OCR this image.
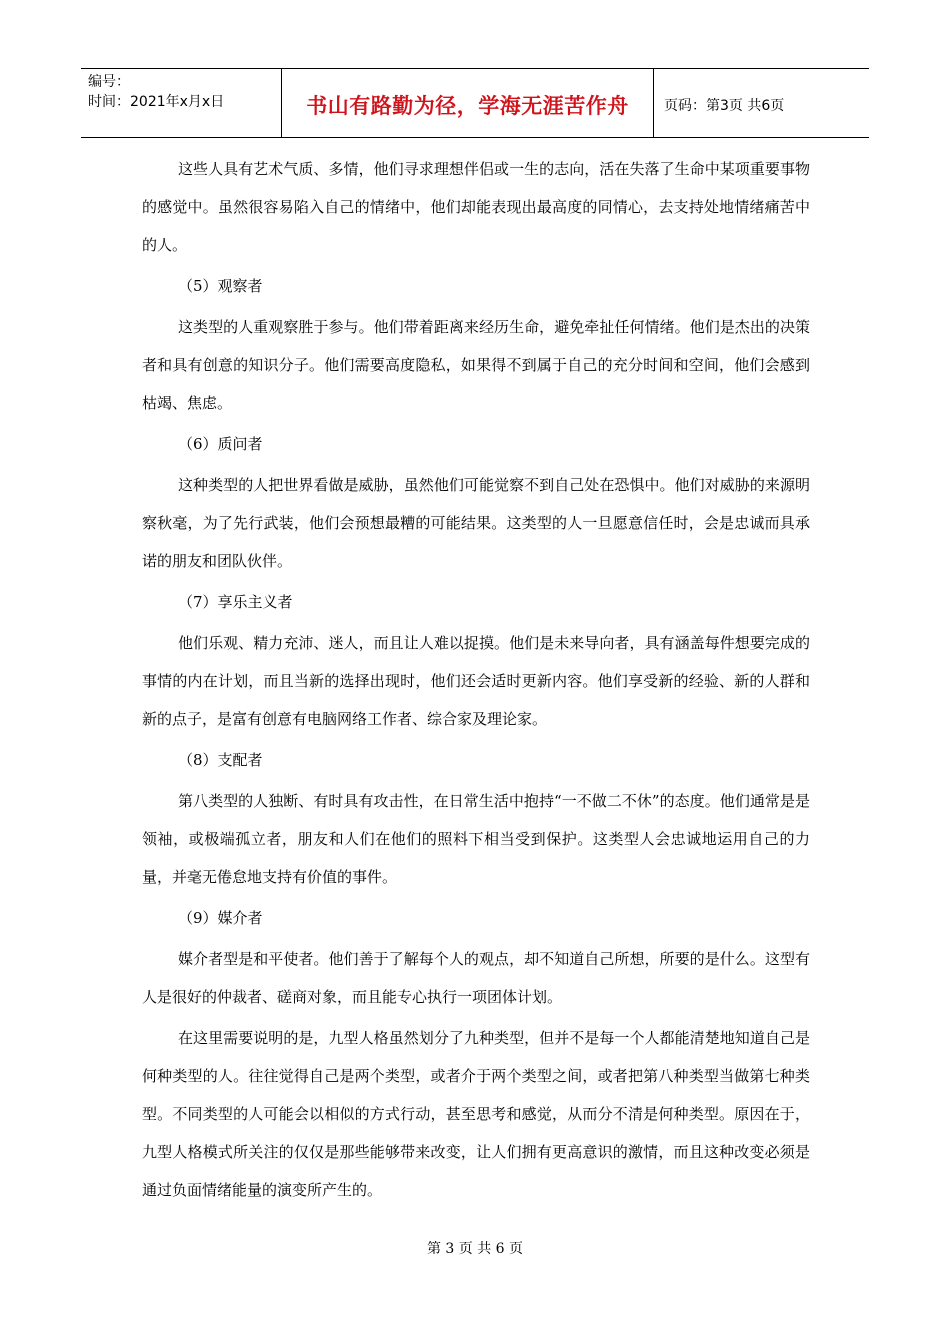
编号：
时间：2021年x月x日	书山有路勤为径，学海无涯苦作舟	页码：第3页 共6页

这些人具有艺术气质、多情，他们寻求理想伴侣或一生的志向，活在失落了生命中某项重要事物的感觉中。虽然很容易陷入自己的情绪中，他们却能表现出最高度的同情心，去支持处地情绪痛苦中的人。

（5）观察者

这类型的人重观察胜于参与。他们带着距离来经历生命，避免牵扯任何情绪。他们是杰出的决策者和具有创意的知识分子。他们需要高度隐私，如果得不到属于自己的充分时间和空间，他们会感到枯竭、焦虑。

（6）质问者

这种类型的人把世界看做是威胁，虽然他们可能觉察不到自己处在恐惧中。他们对威胁的来源明察秋毫，为了先行武装，他们会预想最糟的可能结果。这类型的人一旦愿意信任时，会是忠诚而具承诺的朋友和团队伙伴。

（7）享乐主义者

他们乐观、精力充沛、迷人，而且让人难以捉摸。他们是未来导向者，具有涵盖每件想要完成的事情的内在计划，而且当新的选择出现时，他们还会适时更新内容。他们享受新的经验、新的人群和新的点子，是富有创意有电脑网络工作者、综合家及理论家。

（8）支配者

第八类型的人独断、有时具有攻击性，在日常生活中抱持“一不做二不休”的态度。他们通常是是领袖，或极端孤立者，朋友和人们在他们的照料下相当受到保护。这类型人会忠诚地运用自己的力量，并毫无倦怠地支持有价值的事件。

（9）媒介者

媒介者型是和平使者。他们善于了解每个人的观点，却不知道自己所想，所要的是什么。这型有人是很好的仲裁者、磋商对象，而且能专心执行一项团体计划。

在这里需要说明的是，九型人格虽然划分了九种类型，但并不是每一个人都能清楚地知道自己是何种类型的人。往往觉得自己是两个类型，或者介于两个类型之间，或者把第八种类型当做第七种类型。不同类型的人可能会以相似的方式行动，甚至思考和感觉，从而分不清是何种类型。原因在于，九型人格模式所关注的仅仅是那些能够带来改变，让人们拥有更高意识的激情，而且这种改变必须是通过负面情绪能量的演变所产生的。

第 3 页 共 6 页
